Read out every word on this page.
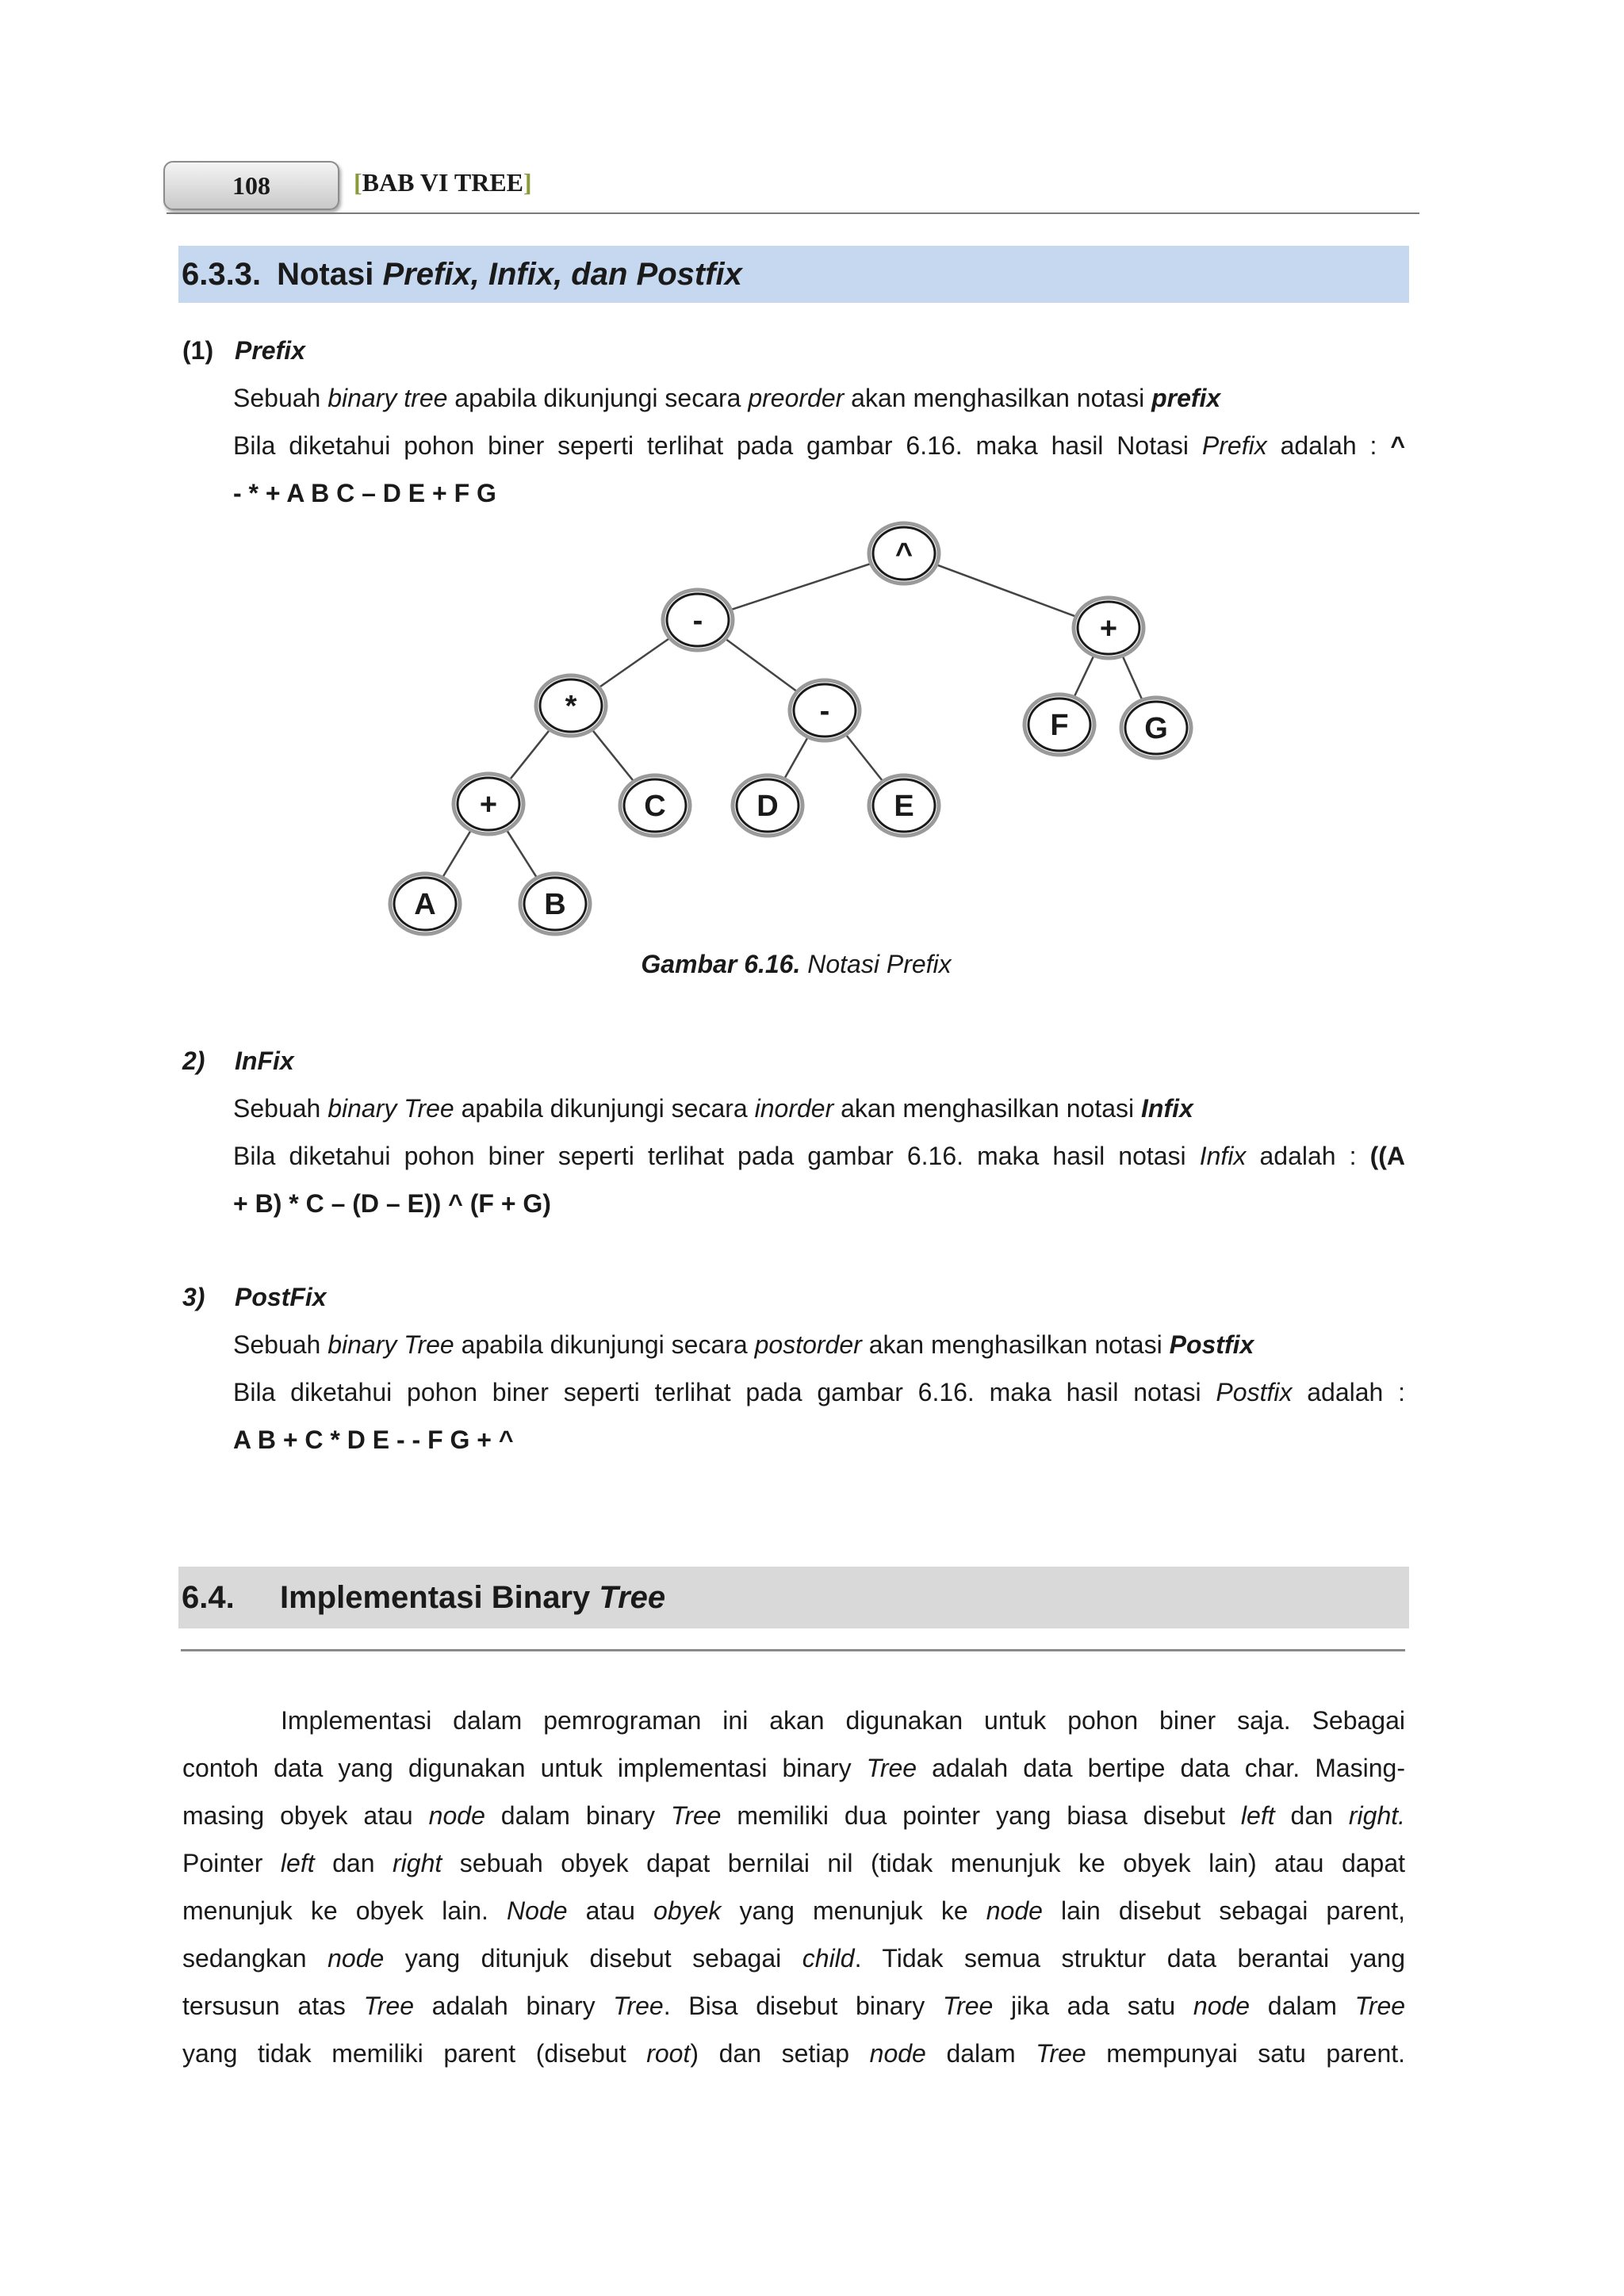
108	[BAB VI TREE]
6.3.3. Notasi Prefix, Infix, dan Postfix
(1) Prefix
Sebuah binary tree apabila dikunjungi secara preorder akan menghasilkan notasi prefix
Bila diketahui pohon biner seperti terlihat pada gambar 6.16. maka hasil Notasi Prefix adalah : ^
- * + A B C – D E + F G
^
-	+
*	-	F	G
+	C	D	E
A	B
Gambar 6.16. Notasi Prefix
2) InFix
Sebuah binary Tree apabila dikunjungi secara inorder akan menghasilkan notasi Infix
Bila diketahui pohon biner seperti terlihat pada gambar 6.16. maka hasil notasi Infix adalah : ((A
+ B) * C – (D – E)) ^ (F + G)
3) PostFix
Sebuah binary Tree apabila dikunjungi secara postorder akan menghasilkan notasi Postfix
Bila diketahui pohon biner seperti terlihat pada gambar 6.16. maka hasil notasi Postfix adalah :
A B + C * D E - - F G + ^
6.4.	Implementasi Binary Tree
Implementasi dalam pemrograman ini akan digunakan untuk pohon biner saja. Sebagai
contoh data yang digunakan untuk implementasi binary Tree adalah data bertipe data char. Masing-
masing obyek atau node dalam binary Tree memiliki dua pointer yang biasa disebut left dan right.
Pointer left dan right sebuah obyek dapat bernilai nil (tidak menunjuk ke obyek lain) atau dapat
menunjuk ke obyek lain. Node atau obyek yang menunjuk ke node lain disebut sebagai parent,
sedangkan node yang ditunjuk disebut sebagai child. Tidak semua struktur data berantai yang
tersusun atas Tree adalah binary Tree. Bisa disebut binary Tree jika ada satu node dalam Tree
yang tidak memiliki parent (disebut root) dan setiap node dalam Tree mempunyai satu parent.
